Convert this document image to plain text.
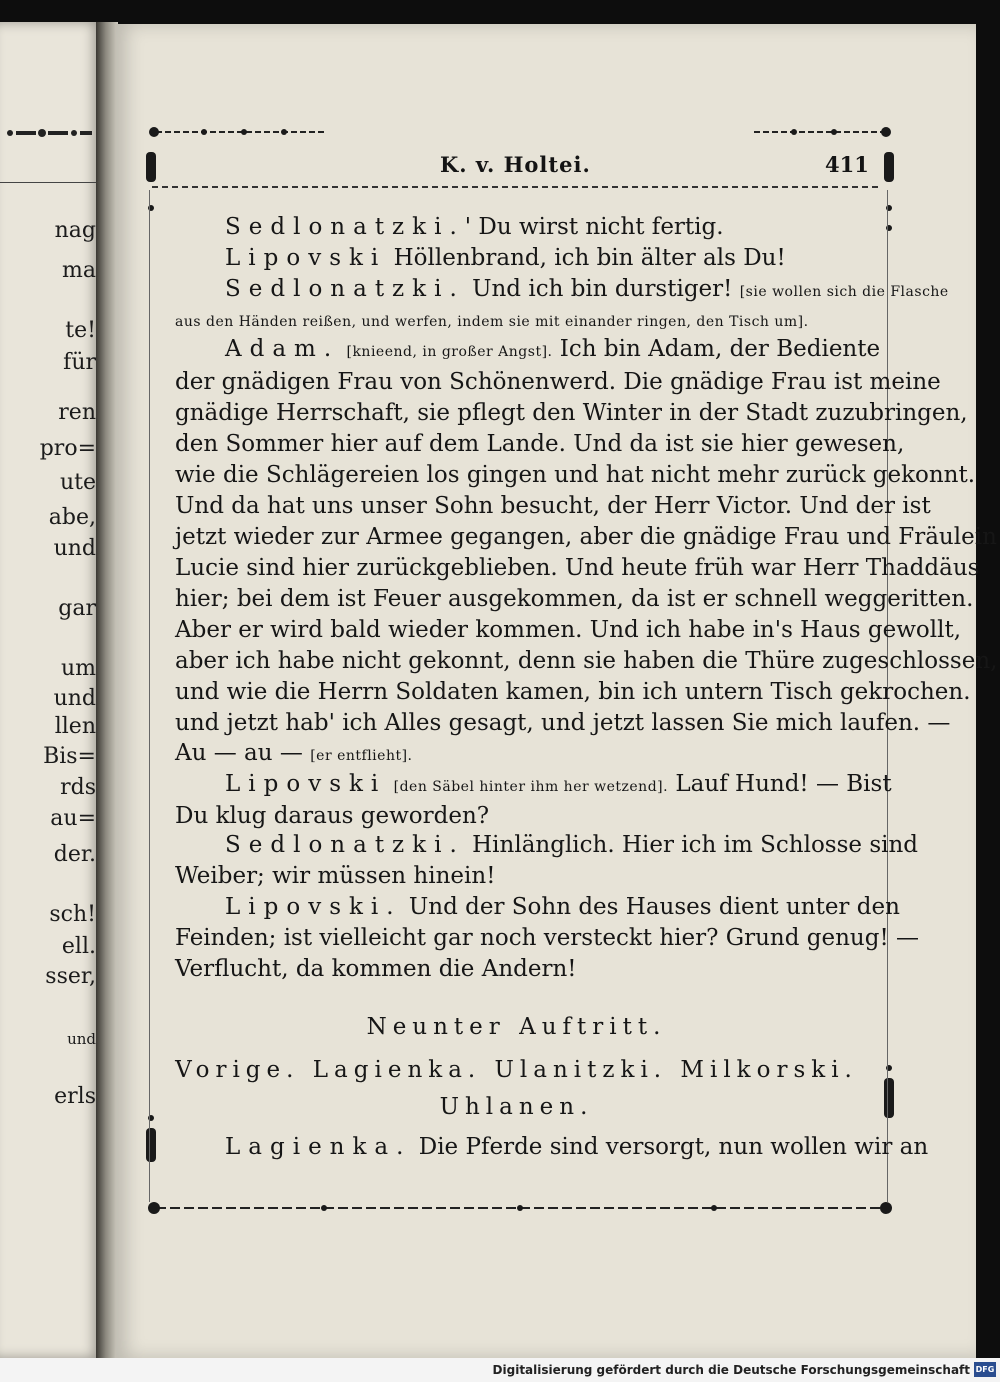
nag
ma
te!
für
ren
pro=
ute
abe,
und
gar
um
und
llen
Bis=
rds
au=
der.
sch!
ell.
sser,
und
erls
K. v. Holtei.	411
Sedlonatzki.' Du wirst nicht fertig.
Lipovski Höllenbrand, ich bin älter als Du!
Sedlonatzki. Und ich bin durstiger! [sie wollen sich die Flasche
aus den Händen reißen, und werfen, indem sie mit einander ringen, den Tisch um].
Adam. [knieend, in großer Angst]. Ich bin Adam, der Bediente
der gnädigen Frau von Schönenwerd. Die gnädige Frau ist meine
gnädige Herrschaft, sie pflegt den Winter in der Stadt zuzubringen,
den Sommer hier auf dem Lande. Und da ist sie hier gewesen,
wie die Schlägereien los gingen und hat nicht mehr zurück gekonnt.
Und da hat uns unser Sohn besucht, der Herr Victor. Und der ist
jetzt wieder zur Armee gegangen, aber die gnädige Frau und Fräulein
Lucie sind hier zurückgeblieben. Und heute früh war Herr Thaddäus
hier; bei dem ist Feuer ausgekommen, da ist er schnell weggeritten.
Aber er wird bald wieder kommen. Und ich habe in's Haus gewollt,
aber ich habe nicht gekonnt, denn sie haben die Thüre zugeschlossen,
und wie die Herrn Soldaten kamen, bin ich untern Tisch gekrochen.
und jetzt hab' ich Alles gesagt, und jetzt lassen Sie mich laufen. —
Au — au — [er entflieht].
Lipovski [den Säbel hinter ihm her wetzend]. Lauf Hund! — Bist
Du klug daraus geworden?
Sedlonatzki. Hinlänglich. Hier ich im Schlosse sind
Weiber; wir müssen hinein!
Lipovski. Und der Sohn des Hauses dient unter den
Feinden; ist vielleicht gar noch versteckt hier? Grund genug! —
Verflucht, da kommen die Andern!
Neunter Auftritt.
Vorige. Lagienka. Ulanitzki. Milkorski.
Uhlanen.
Lagienka. Die Pferde sind versorgt, nun wollen wir an
Digitalisierung gefördert durch die Deutsche Forschungsgemeinschaft DFG
